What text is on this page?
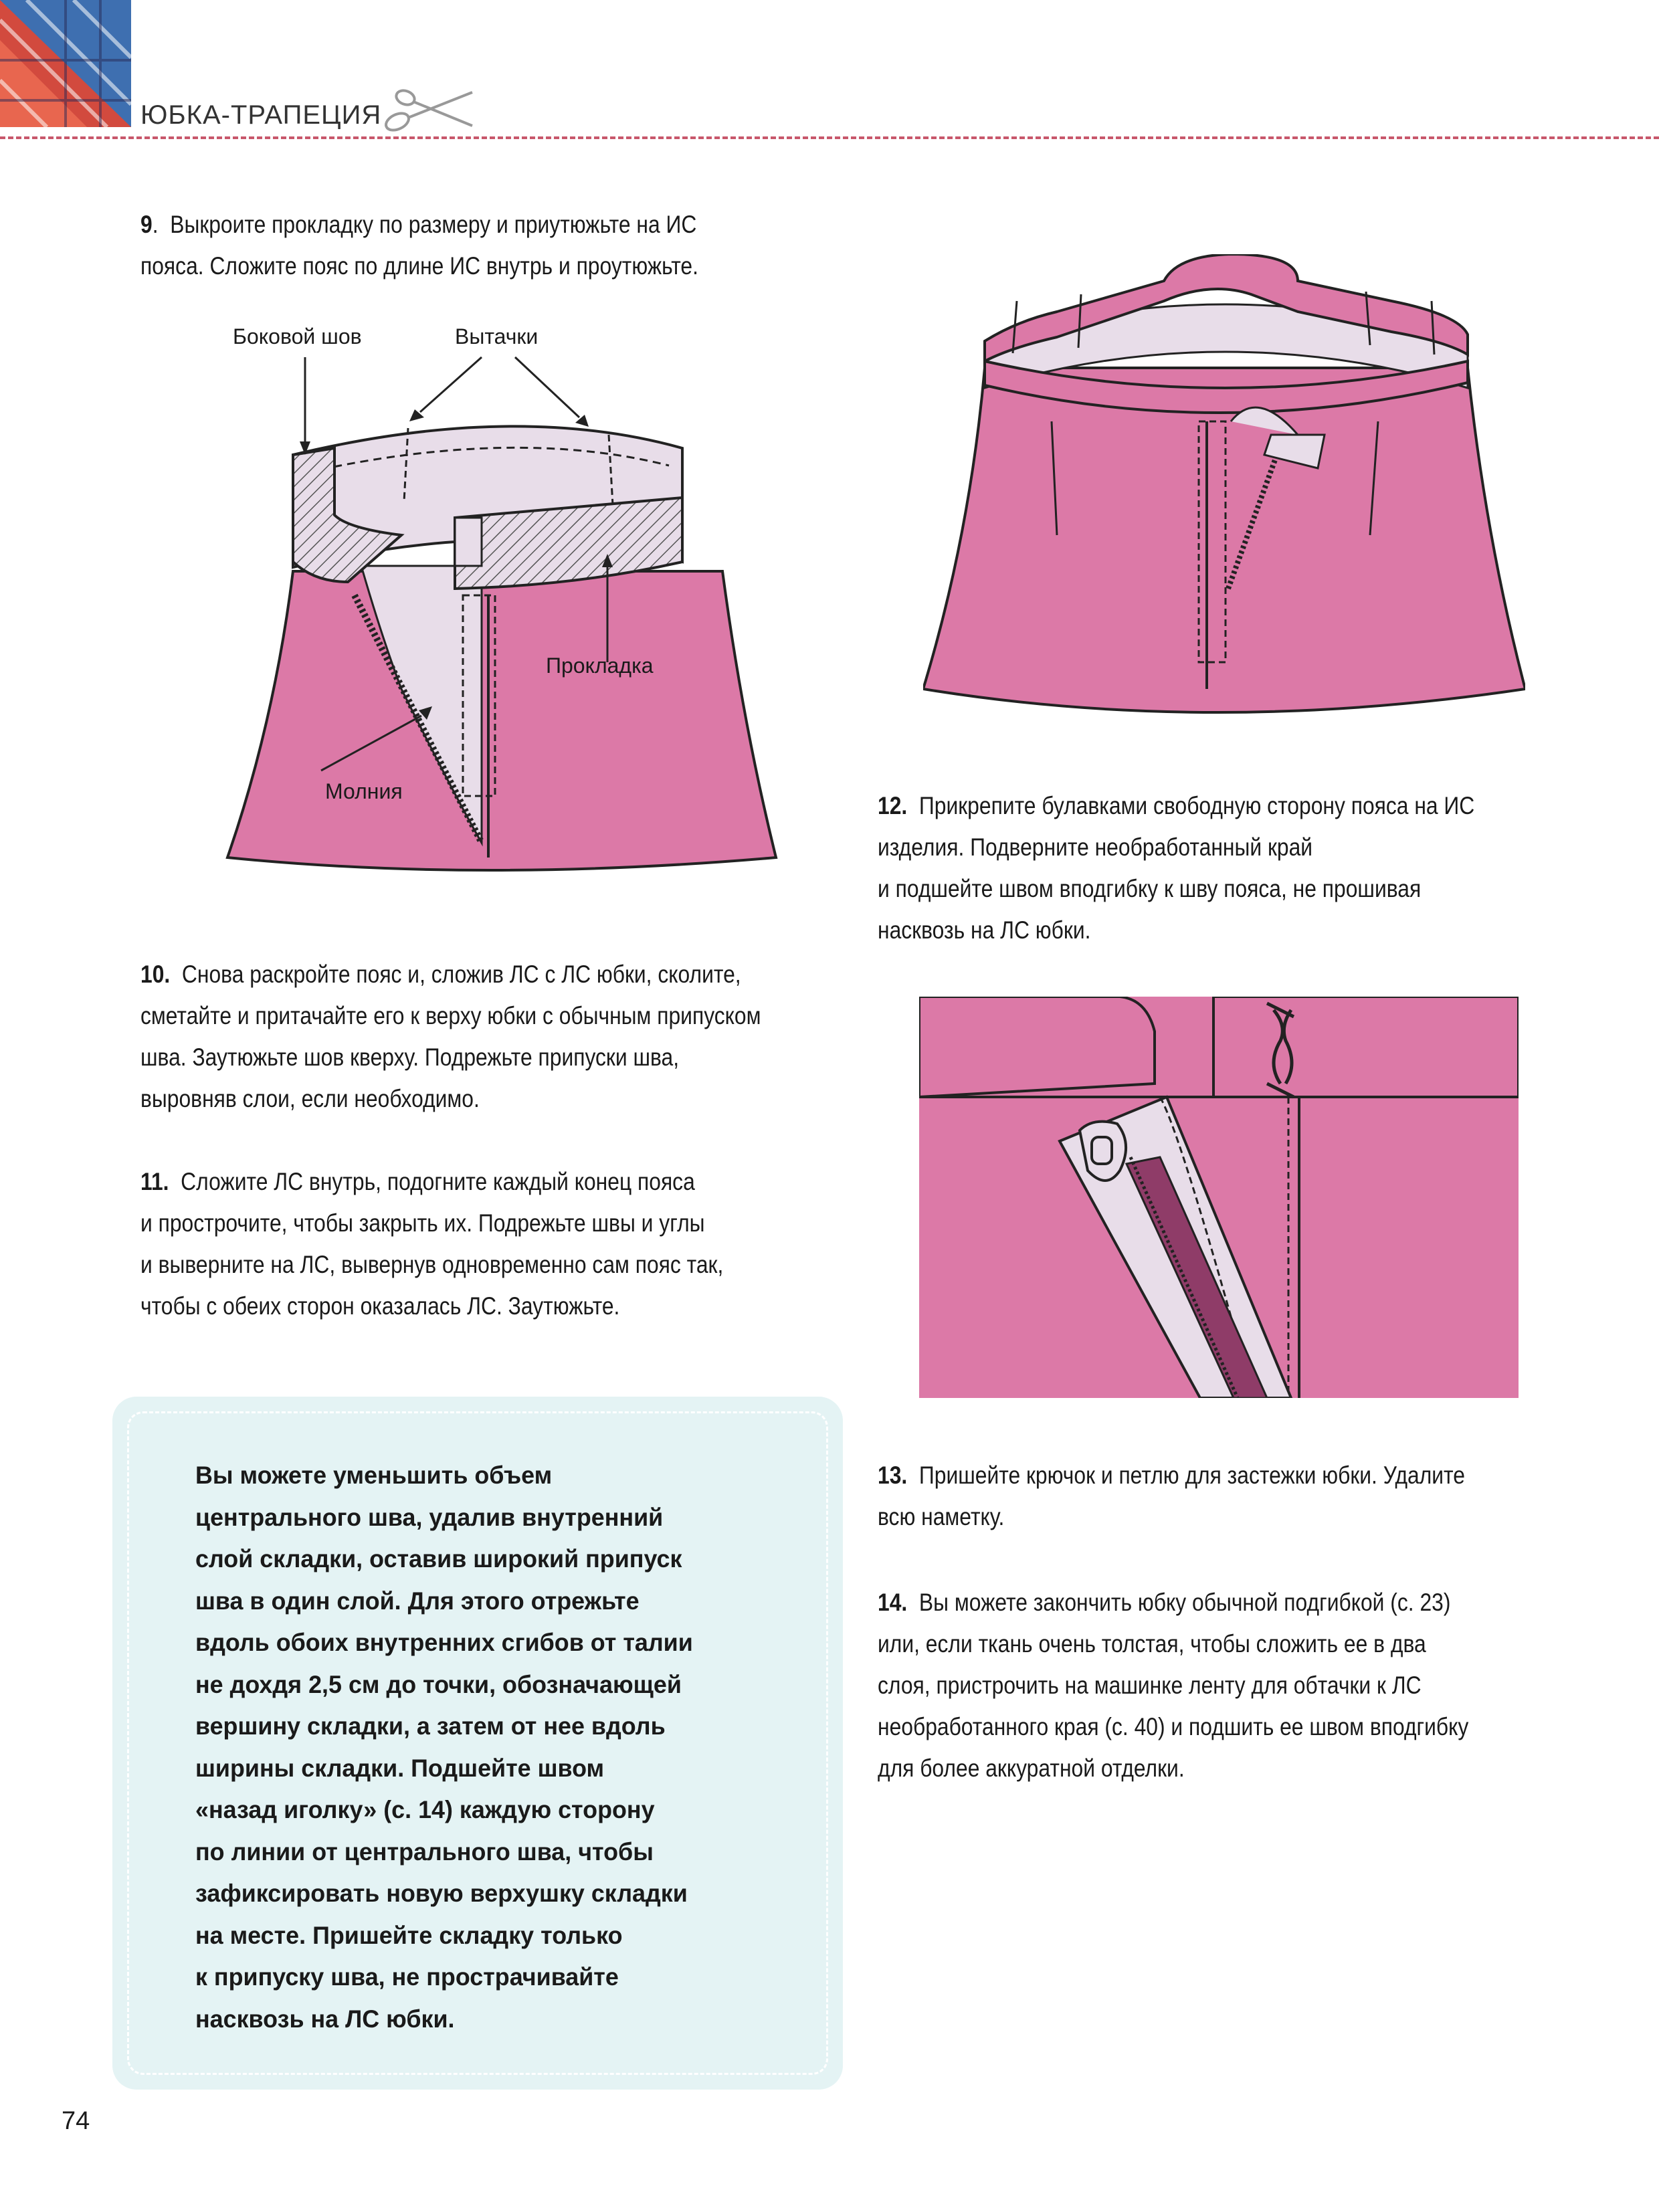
ЮБКА-ТРАПЕЦИЯ
9.  Выкроите прокладку по размеру и приутюжьте на ИС
пояса. Сложите пояс по длине ИС внутрь и проутюжьте.
Боковой шов	Вытачки
Прокладка
Молния
10. Снова раскройте пояс и, сложив ЛС с ЛС юбки, сколите,
сметайте и притачайте его к верху юбки с обычным припуском
шва. Заутюжьте шов кверху. Подрежьте припуски шва,
выровняв слои, если необходимо.
11. Сложите ЛС внутрь, подогните каждый конец пояса
и прострочите, чтобы закрыть их. Подрежьте швы и углы
и выверните на ЛС, вывернув одновременно сам пояс так,
чтобы с обеих сторон оказалась ЛС. Заутюжьте.
12. Прикрепите булавками свободную сторону пояса на ИС
изделия. Подверните необработанный край
и подшейте швом вподгибку к шву пояса, не прошивая
насквозь на ЛС юбки.
13. Пришейте крючок и петлю для застежки юбки. Удалите
всю наметку.
14. Вы можете закончить юбку обычной подгибкой (с. 23)
или, если ткань очень толстая, чтобы сложить ее в два
слоя, пристрочить на машинке ленту для обтачки к ЛС
необработанного края (с. 40) и подшить ее швом вподгибку
для более аккуратной отделки.
Вы можете уменьшить объем
центрального шва, удалив внутренний
слой складки, оставив широкий припуск
шва в один слой. Для этого отрежьте
вдоль обоих внутренних сгибов от талии
не дохдя 2,5 см до точки, обозначающей
вершину складки, а затем от нее вдоль
ширины складки. Подшейте швом
«назад иголку» (с. 14) каждую сторону
по линии от центрального шва, чтобы
зафиксировать новую верхушку складки
на месте. Пришейте складку только
к припуску шва, не прострачивайте
насквозь на ЛС юбки.
74
